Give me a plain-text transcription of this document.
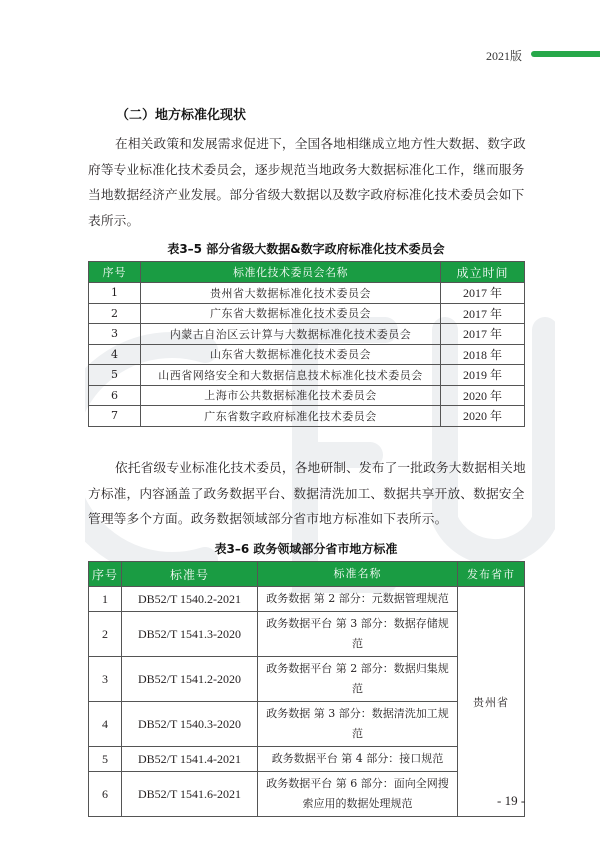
2021版
（二）地方标准化现状

在相关政策和发展需求促进下，全国各地相继成立地方性大数据、数字政府等专业标准化技术委员会，逐步规范当地政务大数据标准化工作，继而服务当地数据经济产业发展。部分省级大数据以及数字政府标准化技术委员会如下表所示。

表3–5 部分省级大数据&数字政府标准化技术委员会
序号	标准化技术委员会名称	成立时间
1	贵州省大数据标准化技术委员会	2017 年
2	广东省大数据标准化技术委员会	2017 年
3	内蒙古自治区云计算与大数据标准化技术委员会	2017 年
4	山东省大数据标准化技术委员会	2018 年
5	山西省网络安全和大数据信息技术标准化技术委员会	2019 年
6	上海市公共数据标准化技术委员会	2020 年
7	广东省数字政府标准化技术委员会	2020 年

依托省级专业标准化技术委员，各地研制、发布了一批政务大数据相关地方标准，内容涵盖了政务数据平台、数据清洗加工、数据共享开放、数据安全管理等多个方面。政务数据领域部分省市地方标准如下表所示。

表3–6 政务领域部分省市地方标准
序号	标准号	标准名称	发布省市
1	DB52/T 1540.2-2021	政务数据 第 2 部分：元数据管理规范	贵州省
2	DB52/T 1541.3-2020	政务数据平台 第 3 部分：数据存储规范	
3	DB52/T 1541.2-2020	政务数据平台 第 2 部分：数据归集规范	
4	DB52/T 1540.3-2020	政务数据 第 3 部分：数据清洗加工规范	
5	DB52/T 1541.4-2021	政务数据平台 第 4 部分：接口规范	
6	DB52/T 1541.6-2021	政务数据平台 第 6 部分：面向全网搜索应用的数据处理规范		- 19 -
